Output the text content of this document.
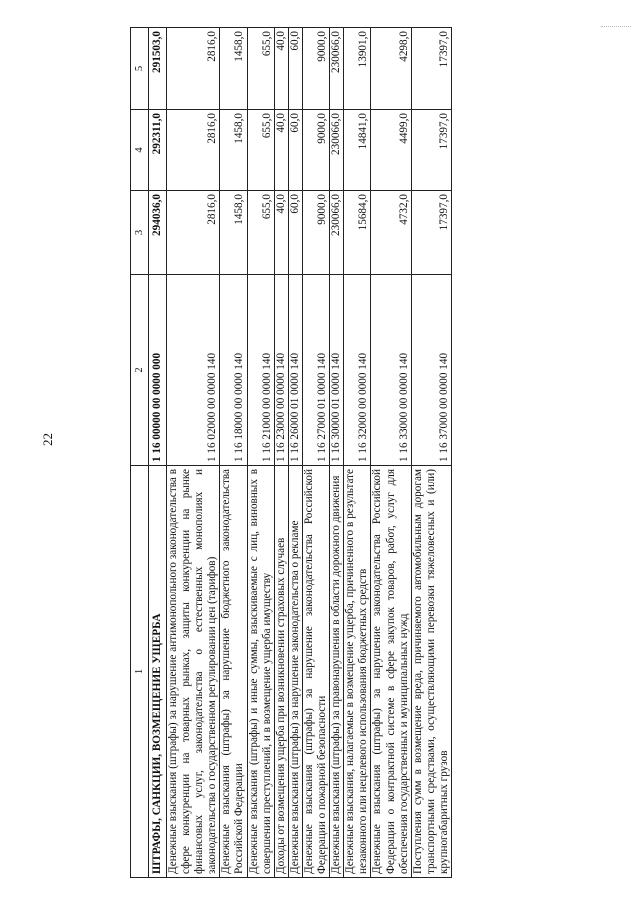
22
1	2	3	4	5
ШТРАФЫ, САНКЦИИ, ВОЗМЕЩЕНИЕ УЩЕРБА	1 16 00000 00 0000 000	294036,0	292311,0	291503,0
Денежные взыскания (штрафы) за нарушение антимонопольного законодательства в сфере конкуренции на товарных рынках, защиты конкуренции на рынке финансовых услуг, законодательства о естественных монополиях и законодательства о государственном регулировании цен (тарифов)	1 16 02000 00 0000 140	2816,0	2816,0	2816,0
Денежные взыскания (штрафы) за нарушение бюджетного законодательства Российской Федерации	1 16 18000 00 0000 140	1458,0	1458,0	1458,0
Денежные взыскания (штрафы) и иные суммы, взыскиваемые с лиц, виновных в совершении преступлений, и в возмещение ущерба имуществу	1 16 21000 00 0000 140	655,0	655,0	655,0
Доходы от возмещения ущерба при возникновении страховых случаев	1 16 23000 00 0000 140	40,0	40,0	40,0
Денежные взыскания (штрафы) за нарушение законодательства о рекламе	1 16 26000 01 0000 140	60,0	60,0	60,0
Денежные взыскания (штрафы) за нарушение законодательства Российской Федерации о пожарной безопасности	1 16 27000 01 0000 140	9000,0	9000,0	9000,0
Денежные взыскания (штрафы) за правонарушения в области дорожного движения	1 16 30000 01 0000 140	230066,0	230066,0	230066,0
Денежные взыскания, налагаемые в возмещение ущерба, причиненного в результате незаконного или нецелевого использования бюджетных средств	1 16 32000 00 0000 140	15684,0	14841,0	13901,0
Денежные взыскания (штрафы) за нарушение законодательства Российской Федерации о контрактной системе в сфере закупок товаров, работ, услуг для обеспечения государственных и муниципальных нужд	1 16 33000 00 0000 140	4732,0	4499,0	4298,0
Поступления сумм в возмещение вреда, причиняемого автомобильным дорогам транспортными средствами, осуществляющими перевозки тяжеловесных и (или) крупногабаритных грузов	1 16 37000 00 0000 140	17397,0	17397,0	17397,0
